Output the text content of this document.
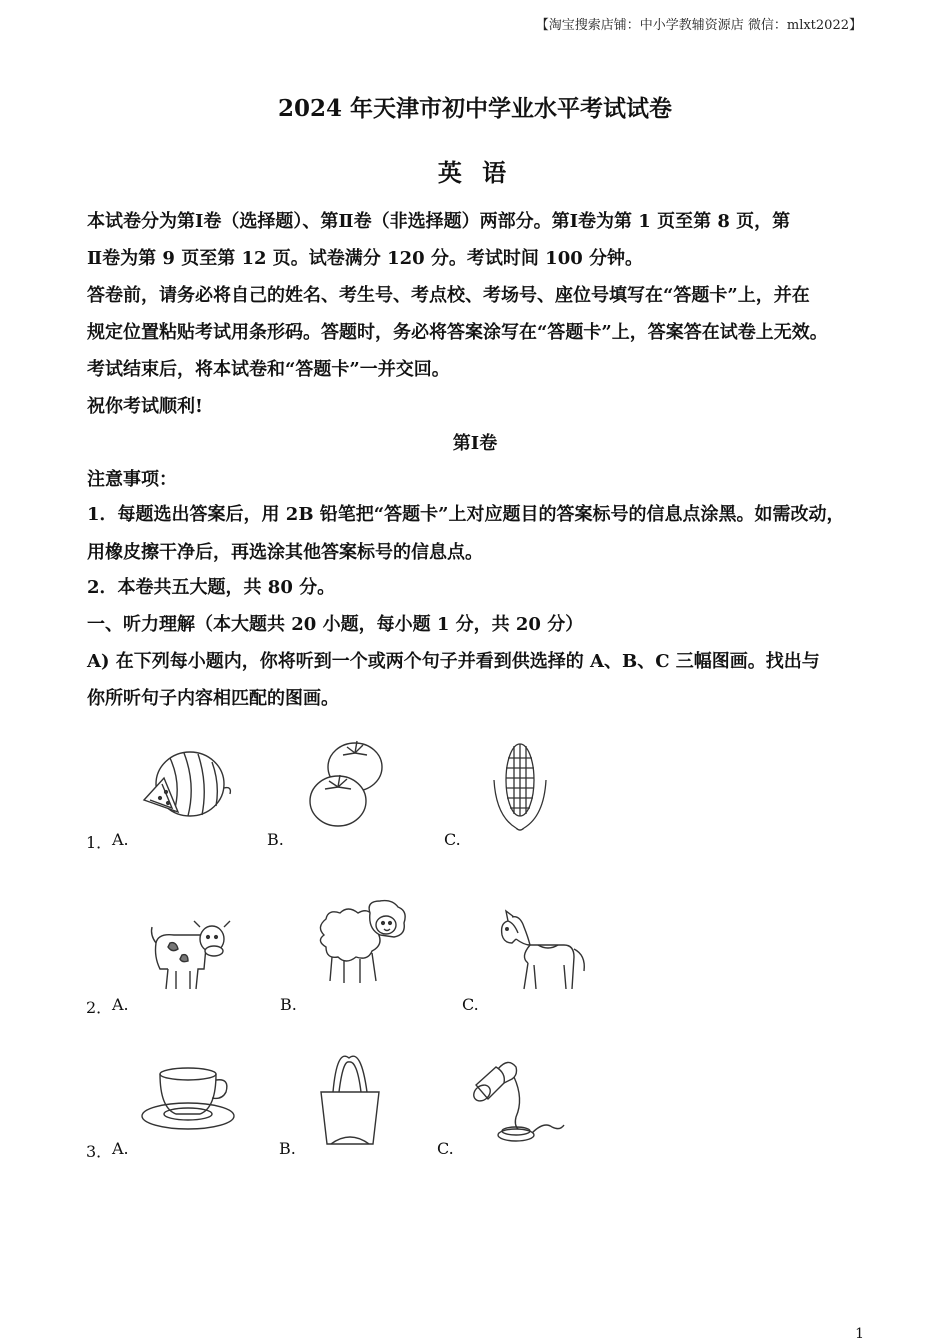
【淘宝搜索店铺：中小学教辅资源店 微信：mlxt2022】
2024 年天津市初中学业水平考试试卷
英 语
本试卷分为第Ⅰ卷（选择题）、第Ⅱ卷（非选择题）两部分。第Ⅰ卷为第 1 页至第 8 页，第
Ⅱ卷为第 9 页至第 12 页。试卷满分 120 分。考试时间 100 分钟。
答卷前，请务必将自己的姓名、考生号、考点校、考场号、座位号填写在“答题卡”上，并在
规定位置粘贴考试用条形码。答题时，务必将答案涂写在“答题卡”上，答案答在试卷上无效。
考试结束后，将本试卷和“答题卡”一并交回。
祝你考试顺利!
第Ⅰ卷
注意事项：
1．每题选出答案后，用 2B 铅笔把“答题卡”上对应题目的答案标号的信息点涂黑。如需改动，
用橡皮擦干净后，再选涂其他答案标号的信息点。
2．本卷共五大题，共 80 分。
一、听力理解（本大题共 20 小题，每小题 1 分，共 20 分）
A) 在下列每小题内，你将听到一个或两个句子并看到供选择的 A、B、C 三幅图画。找出与
你所听句子内容相匹配的图画。
1． A.	B.	C.
2． A.	B.	C.
3． A.	B.	C.
1
